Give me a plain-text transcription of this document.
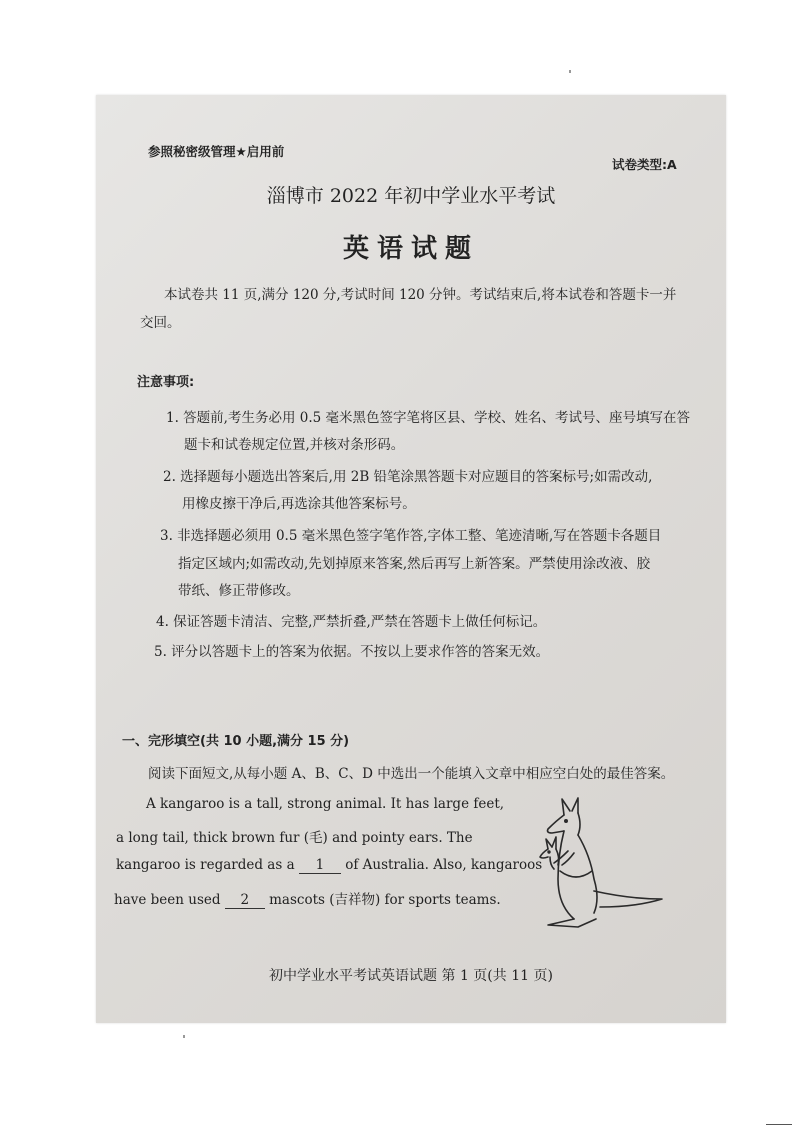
参照秘密级管理★启用前
试卷类型:A
淄博市 2022 年初中学业水平考试
英语试题
本试卷共 11 页,满分 120 分,考试时间 120 分钟。考试结束后,将本试卷和答题卡一并
交回。
注意事项:
1. 答题前,考生务必用 0.5 毫米黑色签字笔将区县、学校、姓名、考试号、座号填写在答
题卡和试卷规定位置,并核对条形码。
2. 选择题每小题选出答案后,用 2B 铅笔涂黑答题卡对应题目的答案标号;如需改动,
用橡皮擦干净后,再选涂其他答案标号。
3. 非选择题必须用 0.5 毫米黑色签字笔作答,字体工整、笔迹清晰,写在答题卡各题目
指定区域内;如需改动,先划掉原来答案,然后再写上新答案。严禁使用涂改液、胶
带纸、修正带修改。
4. 保证答题卡清洁、完整,严禁折叠,严禁在答题卡上做任何标记。
5. 评分以答题卡上的答案为依据。不按以上要求作答的答案无效。
一、完形填空(共 10 小题,满分 15 分)
阅读下面短文,从每小题 A、B、C、D 中选出一个能填入文章中相应空白处的最佳答案。
A kangaroo is a tall, strong animal. It has large feet,
a long tail, thick brown fur (毛) and pointy ears. The
kangaroo is regarded as a 1 of Australia. Also, kangaroos
have been used 2 mascots (吉祥物) for sports teams.
初中学业水平考试英语试题 第 1 页(共 11 页)
